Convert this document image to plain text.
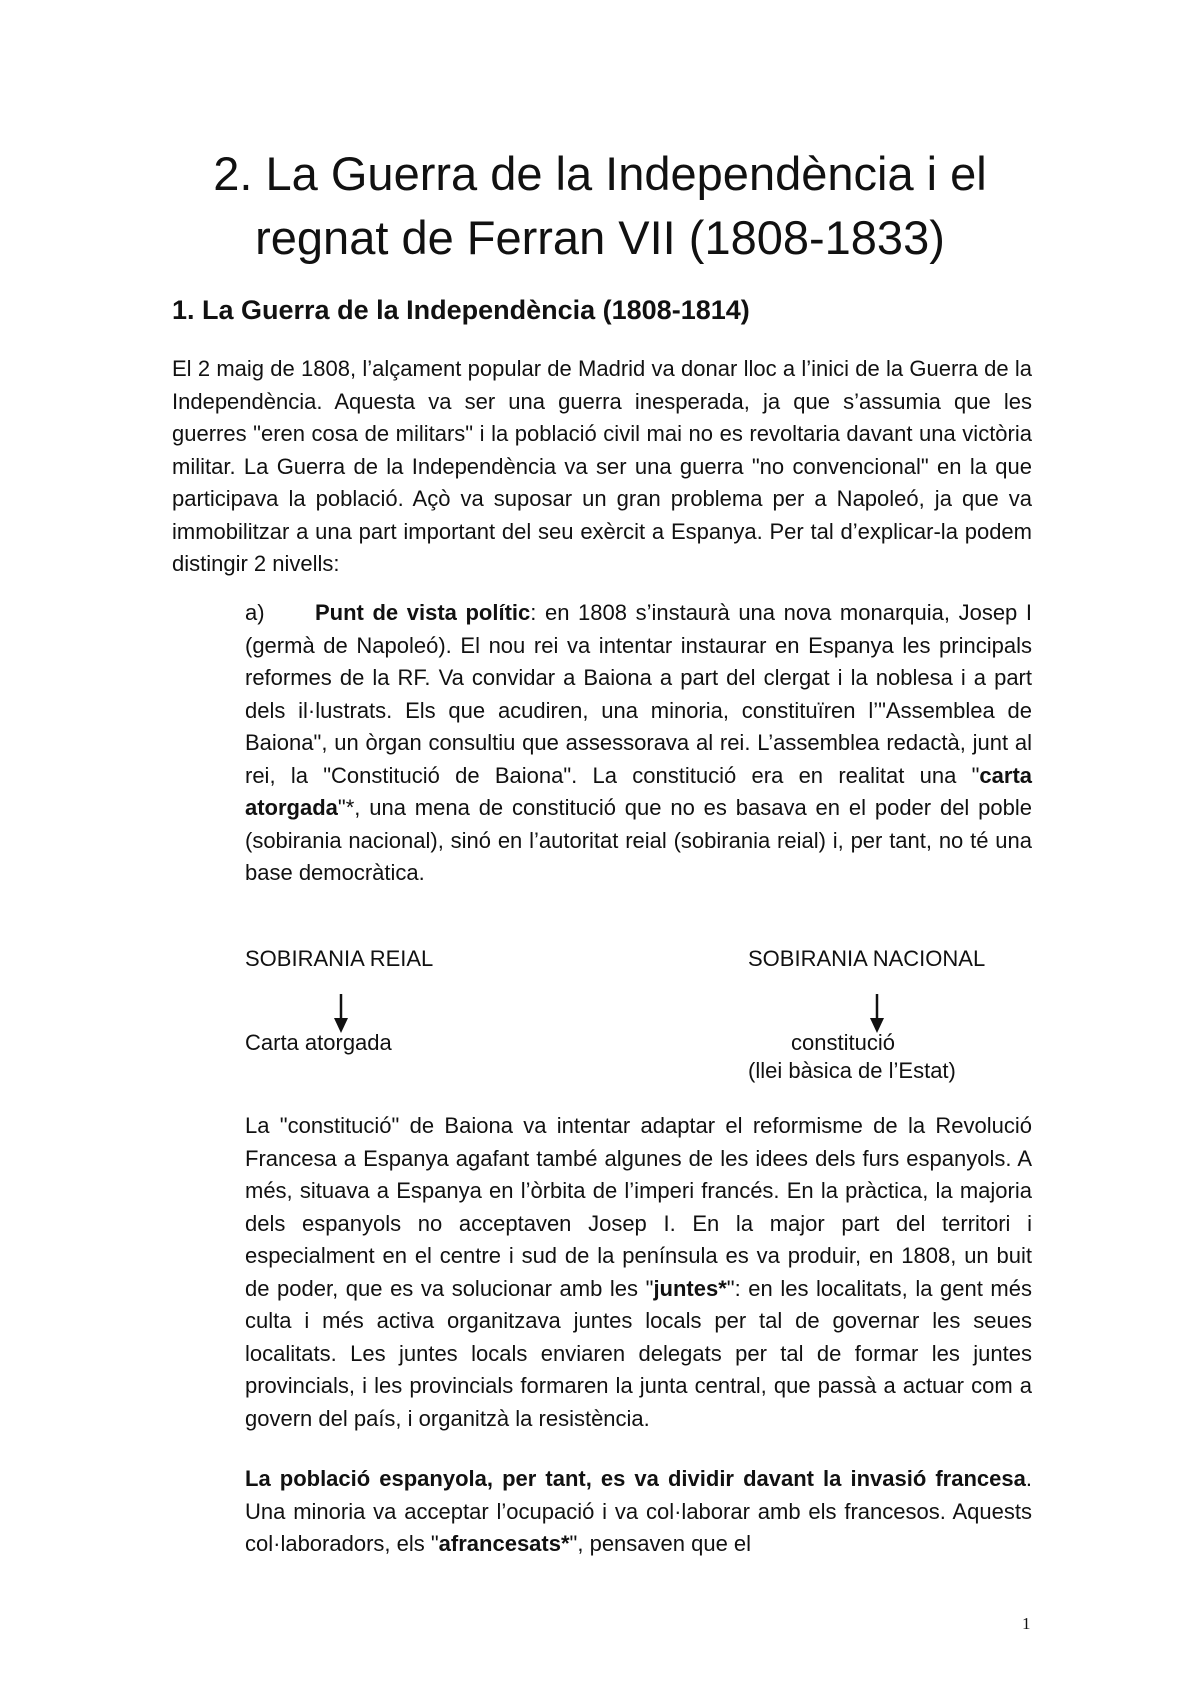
2. La Guerra de la Independència i el regnat de Ferran VII (1808-1833)
1. La Guerra de la Independència (1808-1814)

El 2 maig de 1808, l’alçament popular de Madrid va donar lloc a l’inici de la Guerra de la Independència. Aquesta va ser una guerra inesperada, ja que s’assumia que les guerres "eren cosa de militars" i la població civil mai no es revoltaria davant una victòria militar. La Guerra de la Independència va ser una guerra "no convencional" en la que participava la població. Açò va suposar un gran problema per a Napoleó, ja que va immobilitzar a una part important del seu exèrcit a Espanya. Per tal d’explicar-la podem distingir 2 nivells:

a) Punt de vista polític: en 1808 s’instaurà una nova monarquia, Josep I (germà de Napoleó). El nou rei va intentar instaurar en Espanya les principals reformes de la RF. Va convidar a Baiona a part del clergat i la noblesa i a part dels il·lustrats. Els que acudiren, una minoria, constituïren l’"Assemblea de Baiona", un òrgan consultiu que assessorava al rei. L’assemblea redactà, junt al rei, la "Constitució de Baiona". La constitució era en realitat una "carta atorgada"*, una mena de constitució que no es basava en el poder del poble (sobirania nacional), sinó en l’autoritat reial (sobirania reial) i, per tant, no té una base democràtica.

SOBIRANIA REIAL	SOBIRANIA NACIONAL
Carta atorgada	constitució
(llei bàsica de l’Estat)

La "constitució" de Baiona va intentar adaptar el reformisme de la Revolució Francesa a Espanya agafant també algunes de les idees dels furs espanyols. A més, situava a Espanya en l’òrbita de l’imperi francés. En la pràctica, la majoria dels espanyols no acceptaven Josep I. En la major part del territori i especialment en el centre i sud de la península es va produir, en 1808, un buit de poder, que es va solucionar amb les "juntes*": en les localitats, la gent més culta i més activa organitzava juntes locals per tal de governar les seues localitats. Les juntes locals enviaren delegats per tal de formar les juntes provincials, i les provincials formaren la junta central, que passà a actuar com a govern del país, i organitzà la resistència.

La població espanyola, per tant, es va dividir davant la invasió francesa. Una minoria va acceptar l’ocupació i va col·laborar amb els francesos. Aquests col·laboradors, els "afrancesats*", pensaven que el

1
